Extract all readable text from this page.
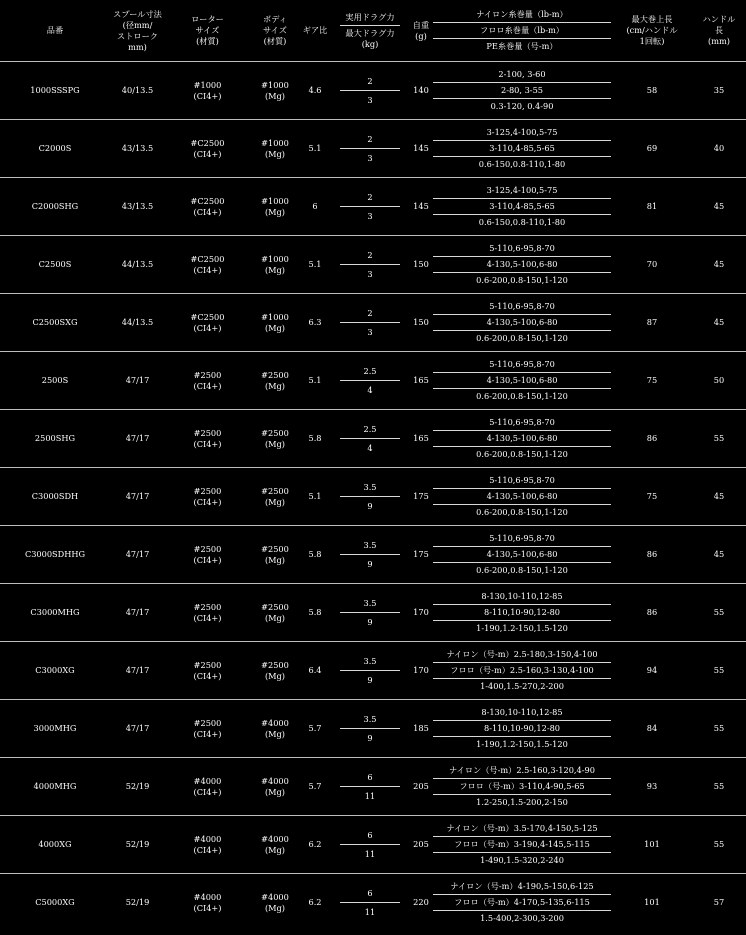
品番	スプール寸法
(径mm/
ストロークmm)	ローター
サイズ
(材質)	ボディ
サイズ
(材質)	ギア比	実用ドラグ力
最大ドラグ力
(kg)	自重
(g)	ナイロン糸巻量（lb-m）
フロロ糸巻量（lb-m）
PE糸巻量（号-m）	最大巻上長
(cm/ハンドル
1回転)	ハンドル
長
(mm)
1000SSSPG	40/13.5	#1000
(CI4+)	#1000
(Mg)	4.6	2
3	140	2-100, 3-60
2-80, 3-55
0.3-120, 0.4-90	58	35
C2000S	43/13.5	#C2500
(CI4+)	#1000
(Mg)	5.1	2
3	145	3-125,4-100,5-75
3-110,4-85,5-65
0.6-150,0.8-110,1-80	69	40
C2000SHG	43/13.5	#C2500
(CI4+)	#1000
(Mg)	6	2
3	145	3-125,4-100,5-75
3-110,4-85,5-65
0.6-150,0.8-110,1-80	81	45
C2500S	44/13.5	#C2500
(CI4+)	#1000
(Mg)	5.1	2
3	150	5-110,6-95,8-70
4-130,5-100,6-80
0.6-200,0.8-150,1-120	70	45
C2500SXG	44/13.5	#C2500
(CI4+)	#1000
(Mg)	6.3	2
3	150	5-110,6-95,8-70
4-130,5-100,6-80
0.6-200,0.8-150,1-120	87	45
2500S	47/17	#2500
(CI4+)	#2500
(Mg)	5.1	2.5
4	165	5-110,6-95,8-70
4-130,5-100,6-80
0.6-200,0.8-150,1-120	75	50
2500SHG	47/17	#2500
(CI4+)	#2500
(Mg)	5.8	2.5
4	165	5-110,6-95,8-70
4-130,5-100,6-80
0.6-200,0.8-150,1-120	86	55
C3000SDH	47/17	#2500
(CI4+)	#2500
(Mg)	5.1	3.5
9	175	5-110,6-95,8-70
4-130,5-100,6-80
0.6-200,0.8-150,1-120	75	45
C3000SDHHG	47/17	#2500
(CI4+)	#2500
(Mg)	5.8	3.5
9	175	5-110,6-95,8-70
4-130,5-100,6-80
0.6-200,0.8-150,1-120	86	45
C3000MHG	47/17	#2500
(CI4+)	#2500
(Mg)	5.8	3.5
9	170	8-130,10-110,12-85
8-110,10-90,12-80
1-190,1.2-150,1.5-120	86	55
C3000XG	47/17	#2500
(CI4+)	#2500
(Mg)	6.4	3.5
9	170	ナイロン（号-m）2.5-180,3-150,4-100
フロロ（号-m）2.5-160,3-130,4-100
1-400,1.5-270,2-200	94	55
3000MHG	47/17	#2500
(CI4+)	#4000
(Mg)	5.7	3.5
9	185	8-130,10-110,12-85
8-110,10-90,12-80
1-190,1.2-150,1.5-120	84	55
4000MHG	52/19	#4000
(CI4+)	#4000
(Mg)	5.7	6
11	205	ナイロン（号-m）2.5-160,3-120,4-90
フロロ（号-m）3-110,4-90,5-65
1.2-250,1.5-200,2-150	93	55
4000XG	52/19	#4000
(CI4+)	#4000
(Mg)	6.2	6
11	205	ナイロン（号-m）3.5-170,4-150,5-125
フロロ（号-m）3-190,4-145,5-115
1-490,1.5-320,2-240	101	55
C5000XG	52/19	#4000
(CI4+)	#4000
(Mg)	6.2	6
11	220	ナイロン（号-m）4-190,5-150,6-125
フロロ（号-m）4-170,5-135,6-115
1.5-400,2-300,3-200	101	57
